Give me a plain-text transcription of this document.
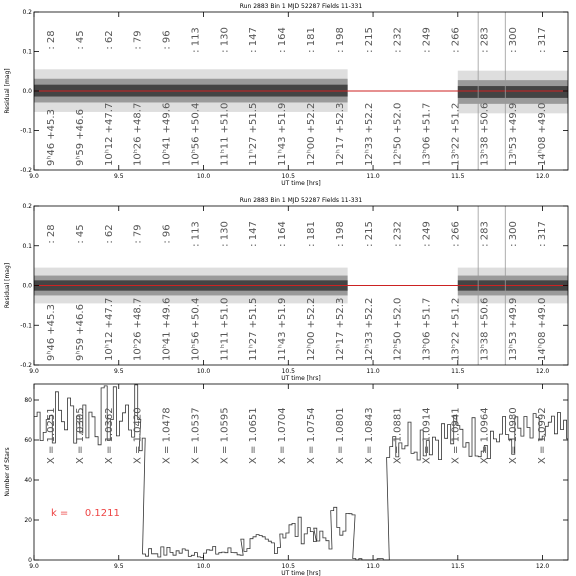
Run 2883 Bin 1 MJD 52287 Fields 11-331
: 28 : 45 : 62 : 79 : 96 : 113 : 130 : 147 : 164 : 181 : 198 : 215 : 232 : 249 : 266 : 283 : 300 : 317
9ʰ46 +45.3 9ʰ59 +46.6 10ʰ12 +47.7 10ʰ26 +48.7 10ʰ41 +49.6 10ʰ56 +50.4 11ʰ11 +51.0 11ʰ27 +51.5 11ʰ43 +51.9 12ʰ00 +52.2 12ʰ17 +52.3 12ʰ33 +52.2 12ʰ50 +52.0 13ʰ06 +51.7 13ʰ22 +51.2 13ʰ38 +50.6 13ʰ53 +49.9 14ʰ08 +49.0
9.0	9.5	10.0	10.5	11.0	11.5	12.0
-0.2
-0.1
0.0
0.1
0.2
UT time [hrs]
Residual [mag]
Run 2883 Bin 1 MJD 52287 Fields 11-331
: 28 : 45 : 62 : 79 : 96 : 113 : 130 : 147 : 164 : 181 : 198 : 215 : 232 : 249 : 266 : 283 : 300 : 317
9ʰ46 +45.3 9ʰ59 +46.6 10ʰ12 +47.7 10ʰ26 +48.7 10ʰ41 +49.6 10ʰ56 +50.4 11ʰ11 +51.0 11ʰ27 +51.5 11ʰ43 +51.9 12ʰ00 +52.2 12ʰ17 +52.3 12ʰ33 +52.2 12ʰ50 +52.0 13ʰ06 +51.7 13ʰ22 +51.2 13ʰ38 +50.6 13ʰ53 +49.9 14ʰ08 +49.0
9.0	9.5	10.0	10.5	11.0	11.5	12.0
-0.2
-0.1
0.0
0.1
0.2
UT time [hrs]
Residual [mag]
X = 1.0251 X = 1.0305 X = 1.0362 X = 1.0420 X = 1.0478 X = 1.0537 X = 1.0595 X = 1.0651 X = 1.0704 X = 1.0754 X = 1.0801 X = 1.0843 X = 1.0881 X = 1.0914 X = 1.0941 X = 1.0964 X = 1.0980 X = 1.0992
k = 0.1211
9.0	9.5	10.0	10.5	11.0	11.5	12.0
0
20
40
60
80
UT time [hrs]
Number of Stars
